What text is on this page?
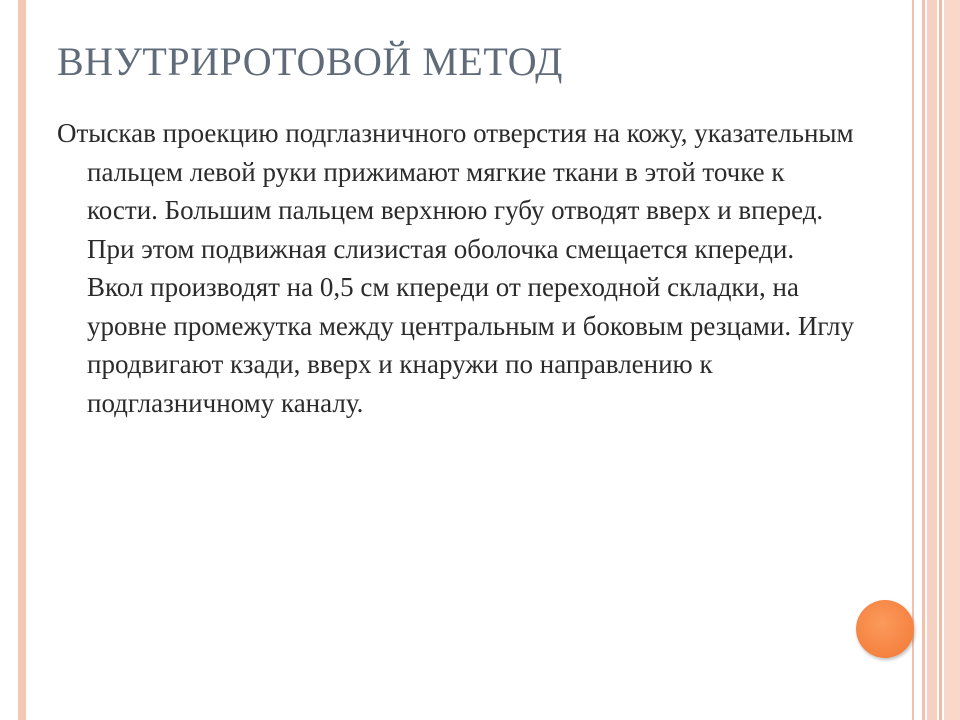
ВНУТРИРОТОВОЙ МЕТОД

Отыскав проекцию подглазничного отверстия на кожу, указательным пальцем левой руки прижимают мягкие ткани в этой точке к кости. Большим пальцем верхнюю губу отводят вверх и вперед. При этом подвижная слизистая оболочка смещается кпереди. Вкол производят на 0,5 см кпереди от переходной складки, на уровне промежутка между центральным и боковым резцами. Иглу продвигают кзади, вверх и кнаружи по направлению к подглазничному каналу.
